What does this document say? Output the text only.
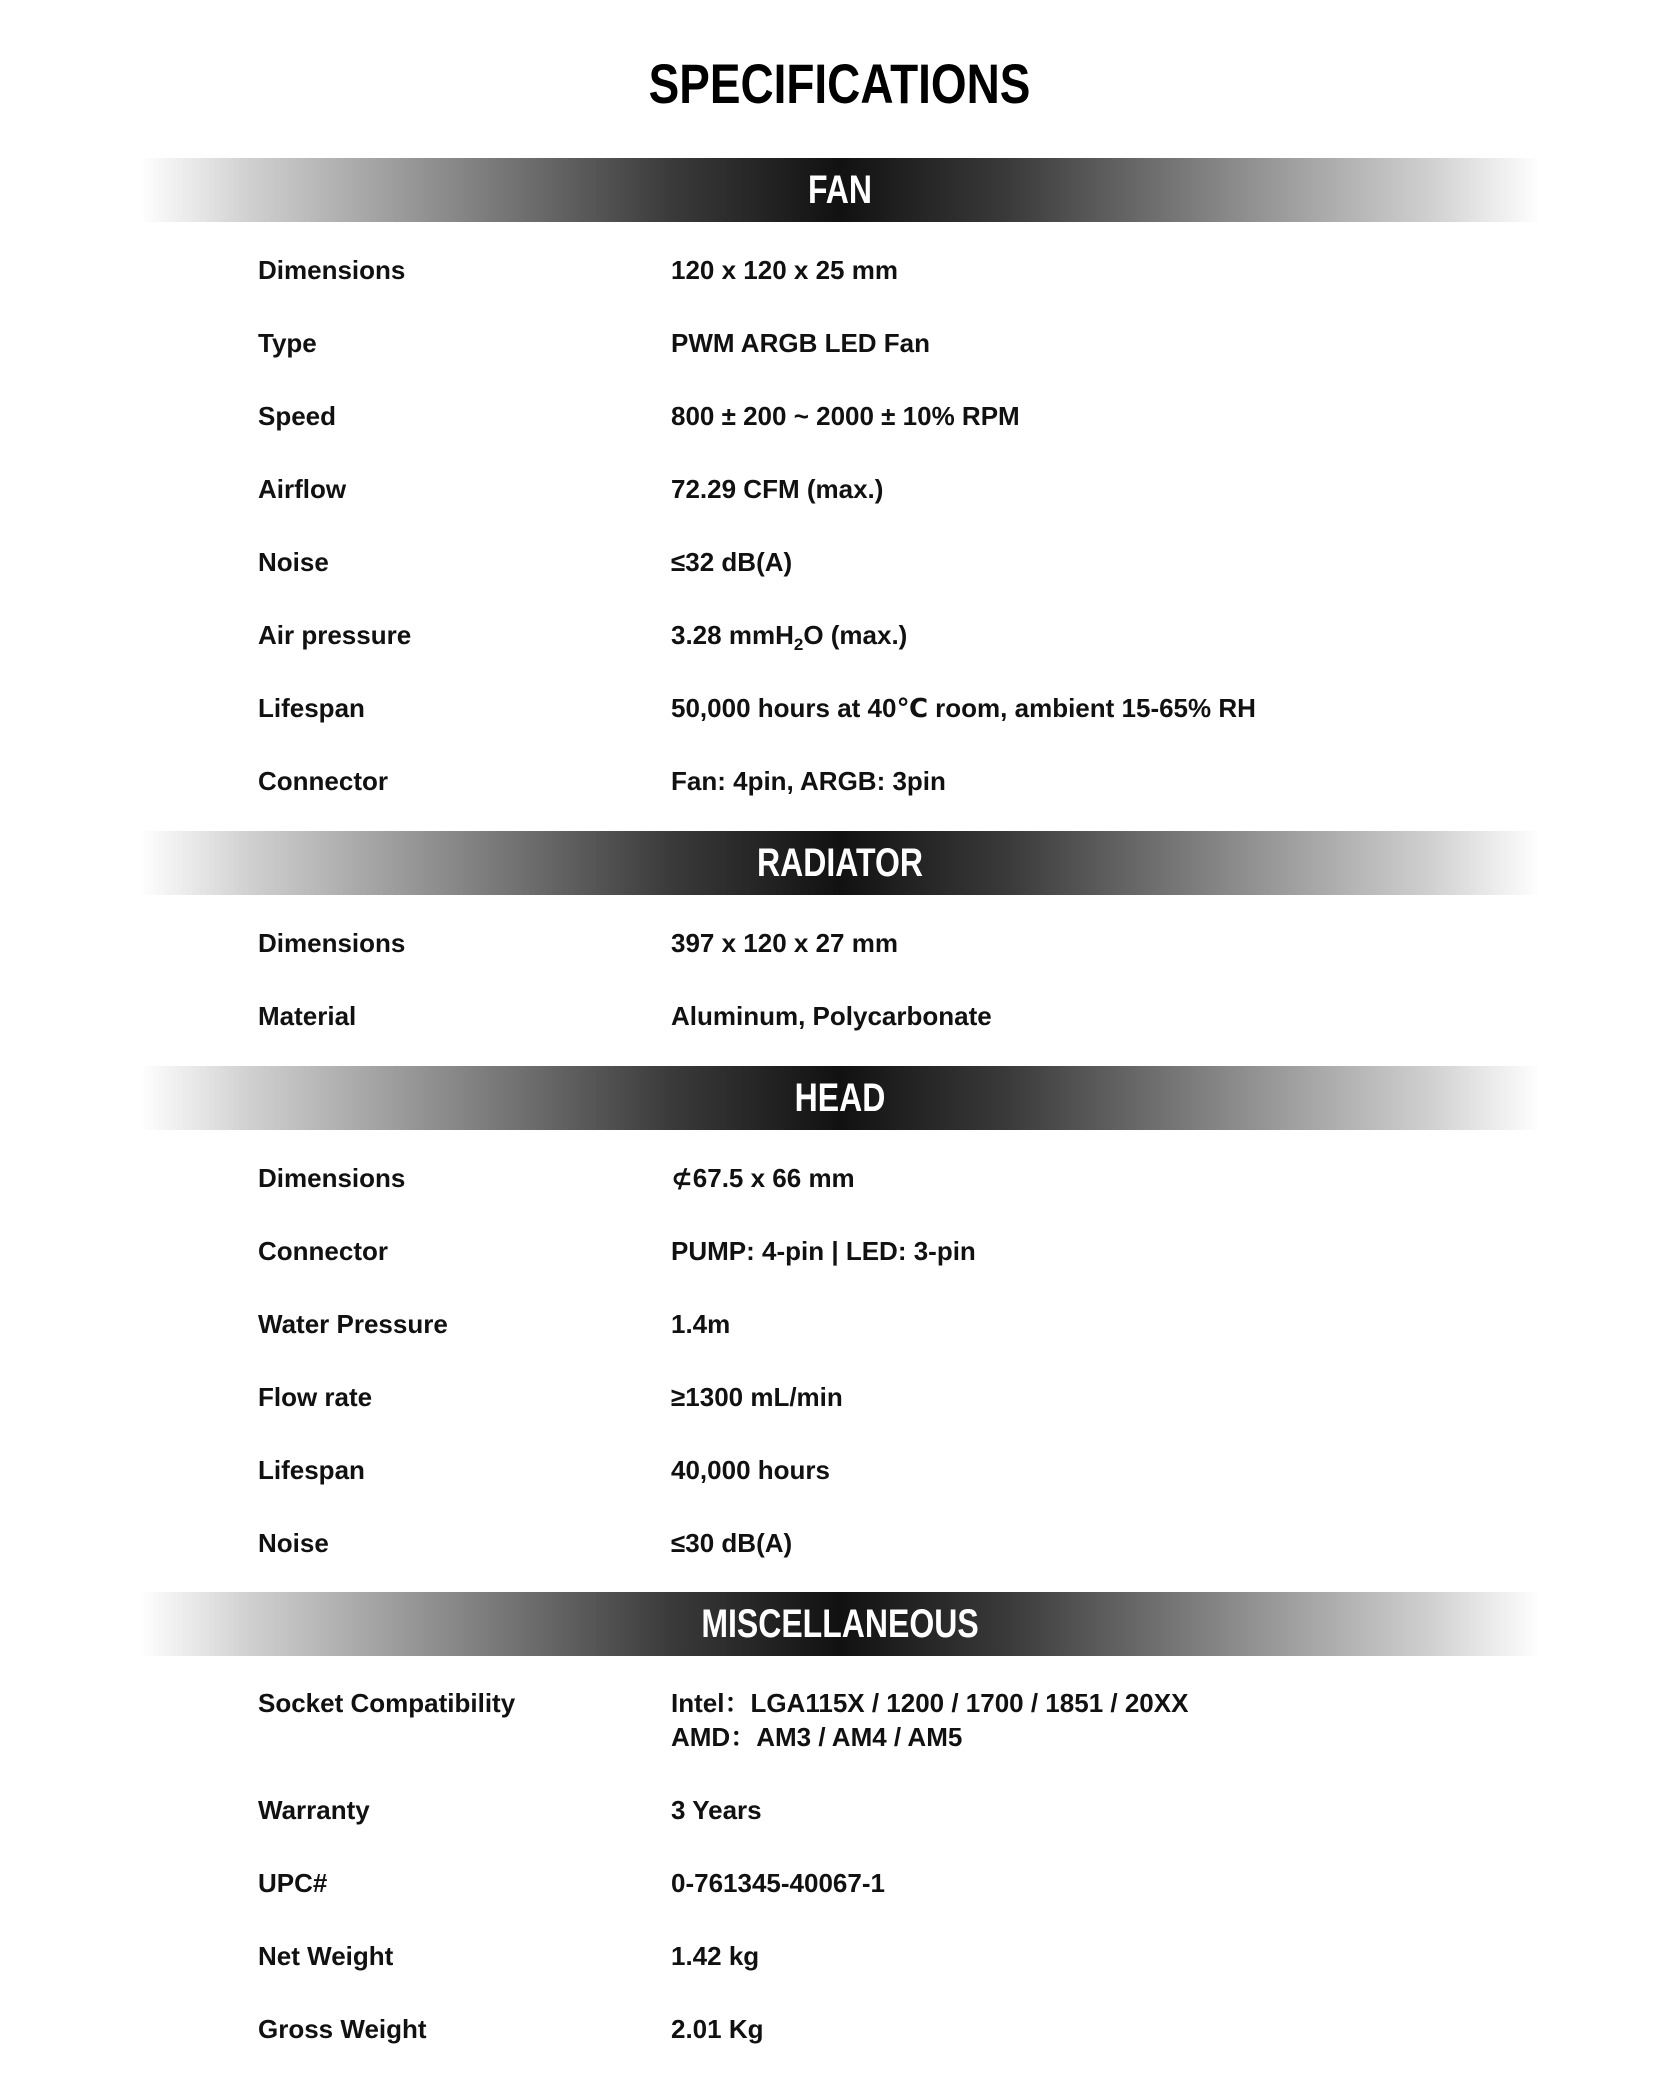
SPECIFICATIONS
FAN
Dimensions	120 x 120 x 25 mm
Type	PWM ARGB LED Fan
Speed	800 ± 200 ~ 2000 ± 10% RPM
Airflow	72.29 CFM (max.)
Noise	≤32 dB(A)
Air pressure	3.28 mmH$_2$O (max.)
Lifespan	50,000 hours at 40℃ room, ambient 15-65% RH
Connector	Fan: 4pin, ARGB: 3pin
RADIATOR
Dimensions	397 x 120 x 27 mm
Material	Aluminum, Polycarbonate
HEAD
Dimensions	⊄67.5 x 66 mm
Connector	PUMP: 4-pin | LED: 3-pin
Water Pressure	1.4m
Flow rate	≥1300 mL/min
Lifespan	40,000 hours
Noise	≤30 dB(A)
MISCELLANEOUS
Socket Compatibility	Intel：LGA115X / 1200 / 1700 / 1851 / 20XX
AMD：AM3 / AM4 / AM5
Warranty	3 Years
UPC#	0-761345-40067-1
Net Weight	1.42 kg
Gross Weight	2.01 Kg
